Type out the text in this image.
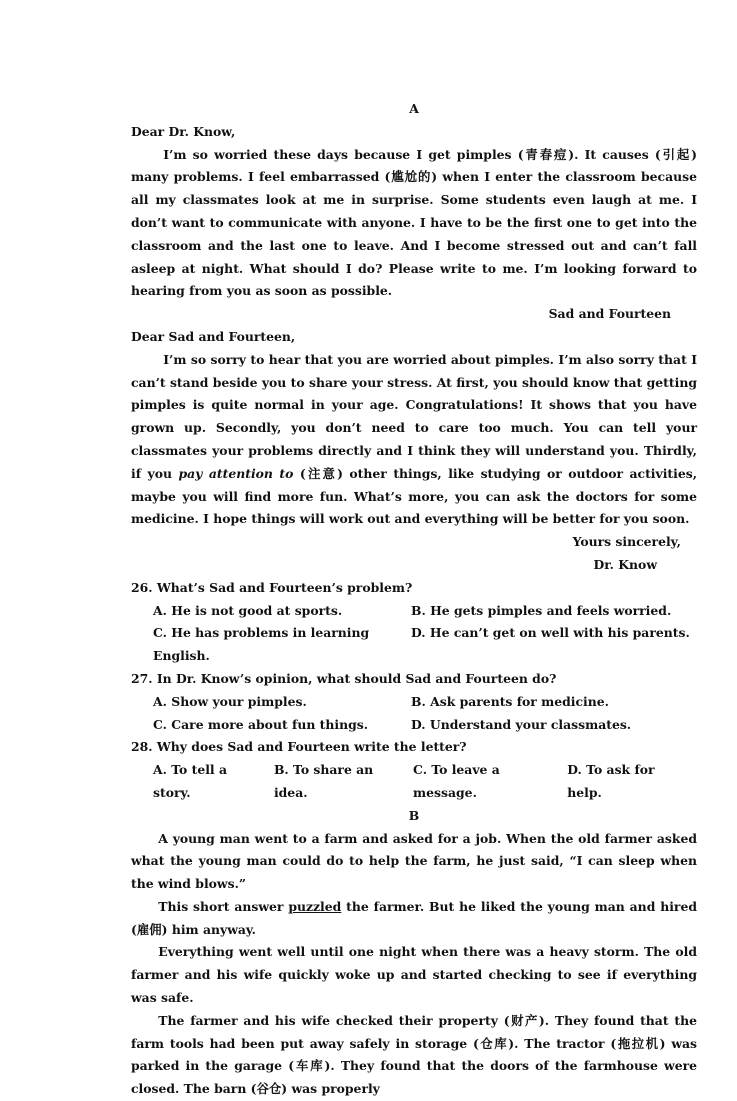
A

Dear Dr. Know,

I’m so worried these days because I get pimples (青春痘). It causes (引起) many problems. I feel embarrassed (尴尬的) when I enter the classroom because all my classmates look at me in surprise. Some students even laugh at me. I don’t want to communicate with anyone. I have to be the first one to get into the classroom and the last one to leave. And I become stressed out and can’t fall asleep at night. What should I do? Please write to me. I’m looking forward to hearing from you as soon as possible.

Sad and Fourteen

Dear Sad and Fourteen,

I’m so sorry to hear that you are worried about pimples. I’m also sorry that I can’t stand beside you to share your stress. At first, you should know that getting pimples is quite normal in your age. Congratulations! It shows that you have grown up. Secondly, you don’t need to care too much. You can tell your classmates your problems directly and I think they will understand you. Thirdly, if you pay attention to (注意) other things, like studying or outdoor activities, maybe you will find more fun. What’s more, you can ask the doctors for some medicine. I hope things will work out and everything will be better for you soon.

Yours sincerely,

Dr. Know

26. What’s Sad and Fourteen’s problem?

A. He is not good at sports.	B. He gets pimples and feels worried.
C. He has problems in learning English.
D. He can’t get on well with his parents.

27. In Dr. Know’s opinion, what should Sad and Fourteen do?

A. Show your pimples.	B. Ask parents for medicine.
C. Care more about fun things.	D. Understand your classmates.

28. Why does Sad and Fourteen write the letter?

A. To tell a story.
B. To share an idea.
C. To leave a message.
D. To ask for help.

B

A young man went to a farm and asked for a job. When the old farmer asked what the young man could do to help the farm, he just said, “I can sleep when the wind blows.”

This short answer puzzled the farmer. But he liked the young man and hired (雇佣) him anyway.

Everything went well until one night when there was a heavy storm. The old farmer and his wife quickly woke up and started checking to see if everything was safe.

The farmer and his wife checked their property (财产). They found that the farm tools had been put away safely in storage (仓库). The tractor (拖拉机) was parked in the garage (车库). They found that the doors of the farmhouse were closed. The barn (谷仓) was properly
